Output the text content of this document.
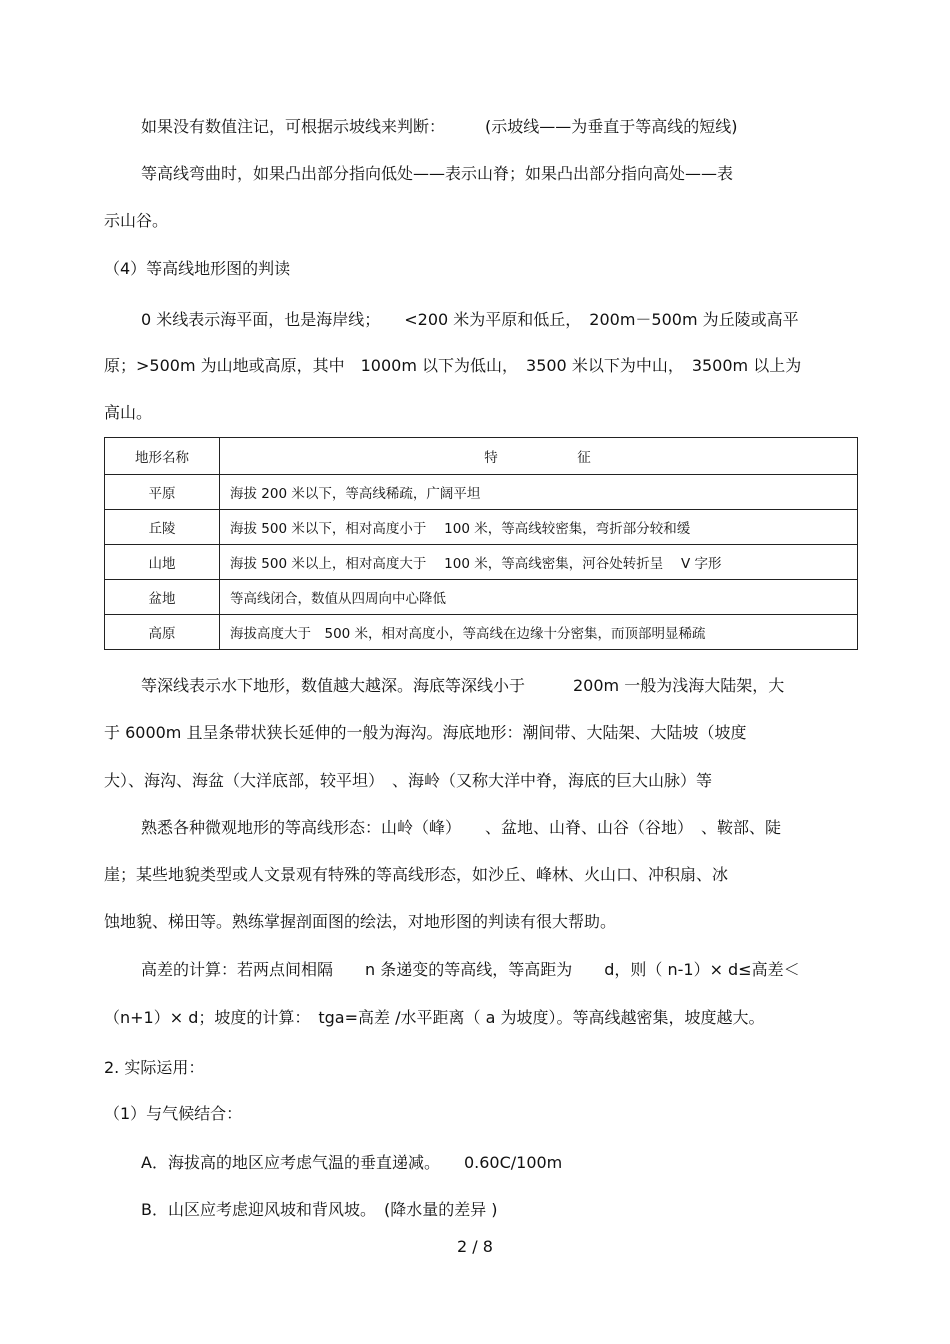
如果没有数值注记，可根据示坡线来判断：　　　(示坡线——为垂直于等高线的短线)
等高线弯曲时，如果凸出部分指向低处——表示山脊；如果凸出部分指向高处——表
示山谷。
（4）等高线地形图的判读
0 米线表示海平面，也是海岸线；　　<200 米为平原和低丘，　200m－500m 为丘陵或高平
原；>500m 为山地或高原，其中　1000m 以下为低山，　3500 米以下为中山，　3500m 以上为
高山。
地形名称	特　　　　　征
平原	海拔 200 米以下，等高线稀疏，广阔平坦
丘陵	海拔 500 米以下，相对高度小于　 100 米，等高线较密集，弯折部分较和缓
山地	海拔 500 米以上，相对高度大于　 100 米，等高线密集，河谷处转折呈　 V 字形
盆地	等高线闭合，数值从四周向中心降低
高原	海拔高度大于　500 米，相对高度小，等高线在边缘十分密集，而顶部明显稀疏
等深线表示水下地形，数值越大越深。海底等深线小于　　　200m 一般为浅海大陆架，大
于 6000m 且呈条带状狭长延伸的一般为海沟。海底地形：潮间带、大陆架、大陆坡（坡度
大）、海沟、海盆（大洋底部，较平坦）　、海岭（又称大洋中脊，海底的巨大山脉）等
熟悉各种微观地形的等高线形态：山岭（峰）　　、盆地、山脊、山谷（谷地）　、鞍部、陡
崖；某些地貌类型或人文景观有特殊的等高线形态，如沙丘、峰林、火山口、冲积扇、冰
蚀地貌、梯田等。熟练掌握剖面图的绘法，对地形图的判读有很大帮助。
高差的计算：若两点间相隔　　n 条递变的等高线，等高距为　　d，则（ n-1）× d≤高差＜
（n+1）× d；坡度的计算：　tga=高差 /水平距离（ a 为坡度）。等高线越密集，坡度越大。
2. 实际运用：
（1）与气候结合：
A．海拔高的地区应考虑气温的垂直递减。　　0.60C/100m
B．山区应考虑迎风坡和背风坡。　(降水量的差异 )
2 / 8
